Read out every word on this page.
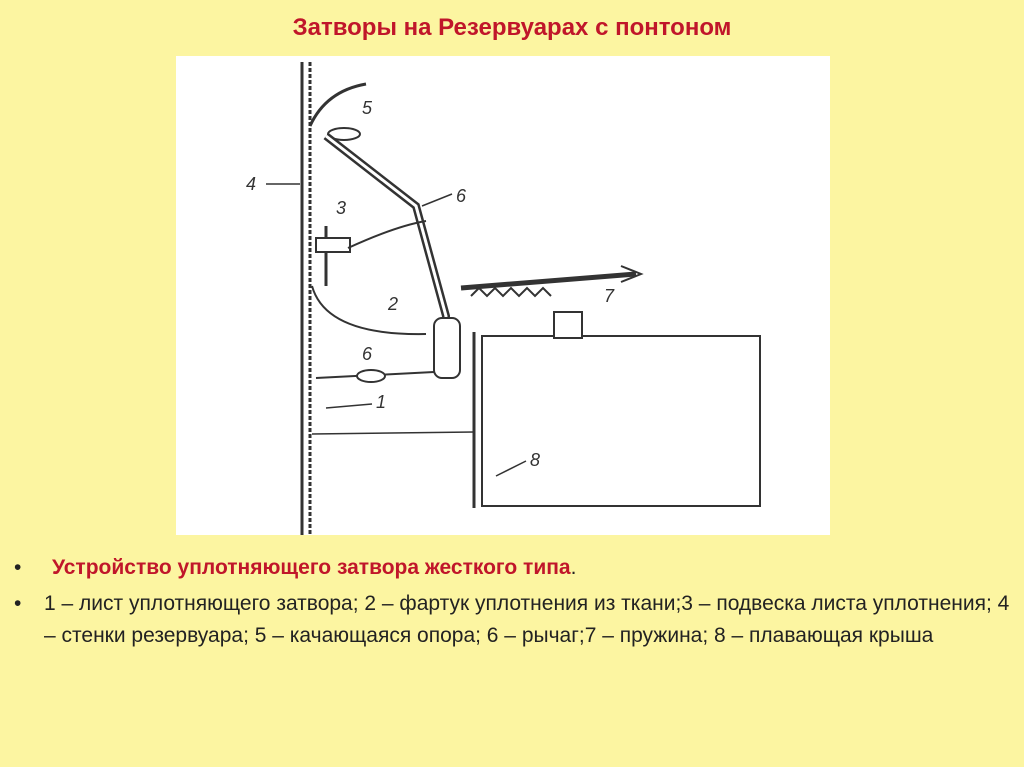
Затворы на Резервуарах с понтоном
5
4
3
6
7
2
6
1
8
• Устройство уплотняющего затвора жесткого типа.
• 1 – лист уплотняющего затвора; 2 – фартук уплотнения из ткани;3 – подвеска листа уплотнения; 4 – стенки резервуара; 5 – качающаяся опора; 6 – рычаг;7 – пружина; 8 – плавающая крыша
